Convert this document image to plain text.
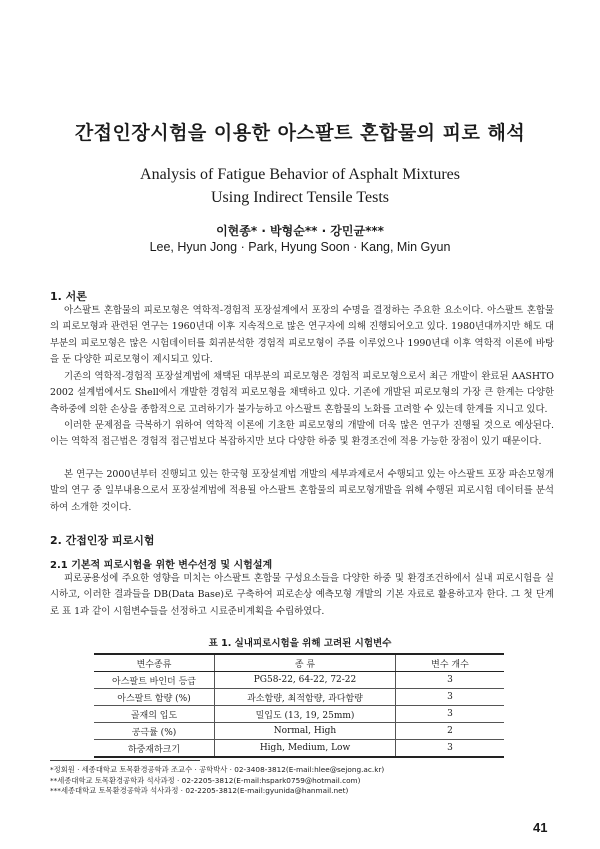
간접인장시험을 이용한 아스팔트 혼합물의 피로 해석
Analysis of Fatigue Behavior of Asphalt Mixtures
Using Indirect Tensile Tests
이현종* · 박형순** · 강민균***
Lee, Hyun Jong · Park, Hyung Soon · Kang, Min Gyun
1. 서론
아스팔트 혼합물의 피로모형은 역학적-경험적 포장설계에서 포장의 수명을 결정하는 주요한 요소이다. 아스팔트 혼합물의 피로모형과 관련된 연구는 1960년대 이후 지속적으로 많은 연구자에 의해 진행되어오고 있다. 1980년대까지만 해도 대부분의 피로모형은 많은 시험데이터를 회귀분석한 경험적 피로모형이 주를 이루었으나 1990년대 이후 역학적 이론에 바탕을 둔 다양한 피로모형이 제시되고 있다.
기존의 역학적-경험적 포장설계법에 채택된 대부분의 피로모형은 경험적 피로모형으로서 최근 개발이 완료된 AASHTO 2002 설계법에서도 Shell에서 개발한 경험적 피로모형을 채택하고 있다. 기존에 개발된 피로모형의 가장 큰 한계는 다양한 측하중에 의한 손상을 종합적으로 고려하기가 불가능하고 아스팔트 혼합물의 노화를 고려할 수 있는데 한계를 지니고 있다.
이러한 문제점을 극복하기 위하여 역학적 이론에 기초한 피로모형의 개발에 더욱 많은 연구가 진행될 것으로 예상된다. 이는 역학적 접근법은 경험적 접근법보다 복잡하지만 보다 다양한 하중 및 환경조건에 적용 가능한 장점이 있기 때문이다.
본 연구는 2000년부터 진행되고 있는 한국형 포장설계법 개발의 세부과제로서 수행되고 있는 아스팔트 포장 파손모형개발의 연구 중 일부내용으로서 포장설계법에 적용될 아스팔트 혼합물의 피로모형개발을 위해 수행된 피로시험 데이터를 분석하여 소개한 것이다.
2. 간접인장 피로시험
2.1 기본적 피로시험을 위한 변수선정 및 시험설계
피로공용성에 주요한 영향을 미치는 아스팔트 혼합물 구성요소들을 다양한 하중 및 환경조건하에서 실내 피로시험을 실시하고, 이러한 결과들을 DB(Data Base)로 구축하여 피로손상 예측모형 개발의 기본 자료로 활용하고자 한다. 그 첫 단계로 표 1과 같이 시험변수들을 선정하고 시료준비계획을 수립하였다.
표 1. 실내피로시험을 위해 고려된 시험변수
변수종류	종 류	변수 개수
아스팔트 바인더 등급	PG58-22, 64-22, 72-22	3
아스팔트 함량 (%)	과소함량, 최적함량, 과다함량	3
골재의 입도	밀입도 (13, 19, 25mm)	3
공극률 (%)	Normal, High	2
하중재하크기	High, Medium, Low	3
*정회원 · 세종대학교 토목환경공학과 조교수 · 공학박사 · 02-3408-3812(E-mail:hlee@sejong.ac.kr)
**세종대학교 토목환경공학과 석사과정 · 02-2205-3812(E-mail:hspark0759@hotmail.com)
***세종대학교 토목환경공학과 석사과정 · 02-2205-3812(E-mail:gyunida@hanmail.net)
41
